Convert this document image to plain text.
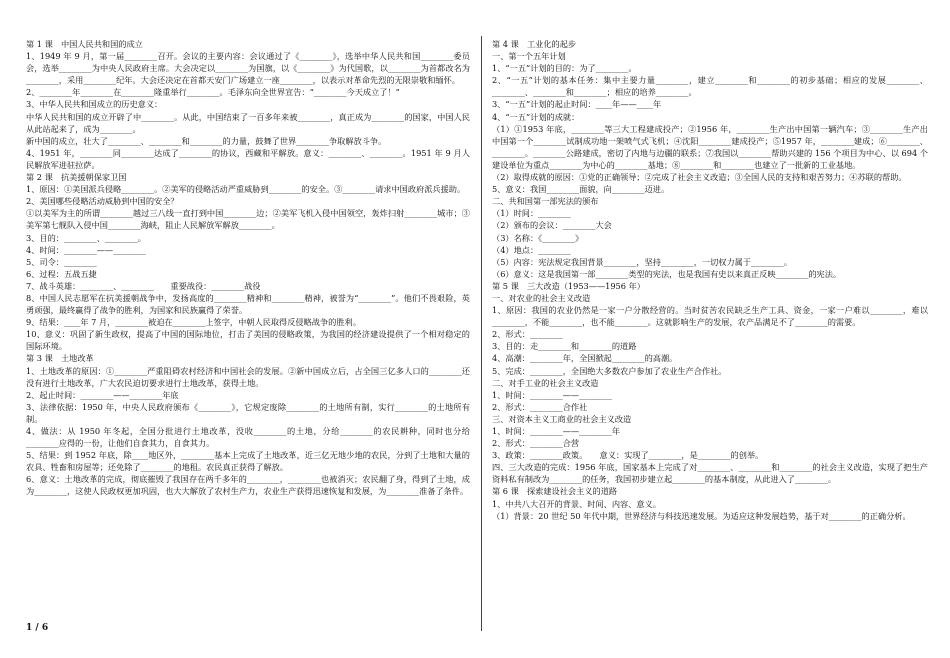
第 1 课　中国人民共和国的成立

1、1949 年 9 月，第一届________召开。会议的主要内容：会议通过了《________》，选举中华人民共和国________委员会，选举________为中央人民政府主席。大会决定以________为国旗，以《________》为代国歌，以________为首都改名为________，采用________纪年。大会还决定在首都天安门广场建立一座________，以表示对革命先烈的无限崇敬和缅怀。

2、________年________在________隆重举行________。毛泽东向全世界宣告：“________今天成立了！”

3、中华人民共和国成立的历史意义：

中华人民共和国的成立开辟了中________。从此，中国结束了一百多年来被________，真正成为________的国家，中国人民从此站起来了，成为________。

新中国的成立，壮大了________、________和________的力量，鼓舞了世界________争取解放斗争。

4、1951 年，________同________达成了________的协议，西藏和平解放。意义：________、________。1951 年 9 月人民解放军进驻拉萨。

第 2 课　抗美援朝保家卫国

1、原因：①美国派兵侵略________。②美军的侵略活动严重威胁到________的安全。③________请求中国政府派兵援助。

2、美国哪些侵略活动威胁到中国的安全？

①以美军为主的所谓________越过三八线一直打到中国________边；②美军飞机入侵中国领空，轰炸扫射________城市；③美军第七舰队入侵中国________海峡，阻止人民解放军解放________。

3、目的：________、________。

4、时间：________——________

5、司令：________

6、过程：五战五捷

7、战斗英雄：________、________　　重要战役：________战役

8、中国人民志愿军在抗美援朝战争中，发扬高度的________精神和________精神，被誉为“________”。他们不畏艰险，英勇顽强，最终赢得了战争的胜利，为国家和民族赢得了荣誉。

9、结果：____年 7 月，________被迫在________上签字，中朝人民取得反侵略战争的胜利。

10、意义：巩固了新生政权，提高了中国的国际地位，打击了美国的侵略政策，为我国的经济建设提供了一个相对稳定的国际环境。

第 3 课　土地改革

1、土地改革的原因：①________严重阻碍农村经济和中国社会的发展。②新中国成立后，占全国三亿多人口的________还没有进行土地改革，广大农民迫切要求进行土地改革，获得土地。

2、起止时间：________——________年底

3、法律依据：1950 年，中央人民政府颁布《________》，它规定废除________的土地所有制，实行________的土地所有制。

4、做法：从 1950 年冬起，全国分批进行土地改革，没收________的土地，分给________的农民耕种，同时也分给________应得的一份，让他们自食其力，自食其力。

5、结果：到 1952 年底，除____地区外，________基本上完成了土地改革，近三亿无地少地的农民，分到了土地和大量的农具、牲畜和房屋等；还免除了________的地租。农民真正获得了解放。

6、意义：土地改革的完成，彻底摧毁了我国存在两千多年的________，________也被消灭；农民翻了身，得到了土地，成为________，这使人民政权更加巩固，也大大解放了农村生产力，农业生产获得迅速恢复和发展，为________准备了条件。

第 4 课　工业化的起步

一、第一个五年计划

1、“一五”计划的目的：为了________。

2、“一五”计划的基本任务：集中主要力量________，建立________和________的初步基础；相应的发展________、________、________和________；相应的培养________。

3、“一五”计划的起止时间：____年——____年

4、“一五”计划的成就：

（1）①1953 年底，________等三大工程建成投产；②1956 年，________生产出中国第一辆汽车；③________生产出中国第一个________试制成功地一架喷气式飞机；④沈阳________建成投产；⑤1957 年，________建成；⑥________、________。________公路建成，密切了内地与边疆的联系；⑦我国以________帮助兴建的 156 个项目为中心、以 694 个建设单位为重点________为中心的________基地；⑧________和________也建立了一批新的工业基地。

（2）取得成就的原因：①党的正确领导；②完成了社会主义改造；③全国人民的支持和艰苦努力；④苏联的帮助。

5、意义：我国________面貌，向________迈进。

二、共和国第一部宪法的颁布

（1）时间：________

（2）颁布的会议：________大会

（3）名称：《________》

（4）地点：________

（5）内容：宪法规定我国背景________，坚持________，一切权力属于________。

（6）意义：这是我国第一部________类型的宪法，也是我国有史以来真正反映________的宪法。

第 5 课　三大改造（1953——1956 年）

一、对农业的社会主义改造

1、原因：我国的农业仍然是一家一户分散经营的。当时贫苦农民缺乏生产工具、资金，一家一户难以________，难以________，不能________，也不能________。这就影响生产的发展，农产品满足不了________的需要。

2、形式：________

3、目的：走________和________的道路

4、高潮：________年，全国掀起________的高潮。

5、完成：________，全国绝大多数农户参加了农业生产合作社。

二、对手工业的社会主义改造

1、时间：________——________

2、形式：________合作社

三、对资本主义工商业的社会主义改造

1、时间：________——________年

2、形式：________合营

3、政策：________政策。　　意义：实现了________，是________的创举。

四、三大改造的完成：1956 年底，国家基本上完成了对________、________和________的社会主义改造，实现了把生产资料私有制改为________的任务，我国初步建立起________的基本制度，从此进入了________。

第 6 课　探索建设社会主义的道路

1、中共八大召开的背景、时间、内容、意义。

（1）背景：20 世纪 50 年代中期，世界经济与科技迅速发展。为适应这种发展趋势，基于对________的正确分析。

1 / 6
